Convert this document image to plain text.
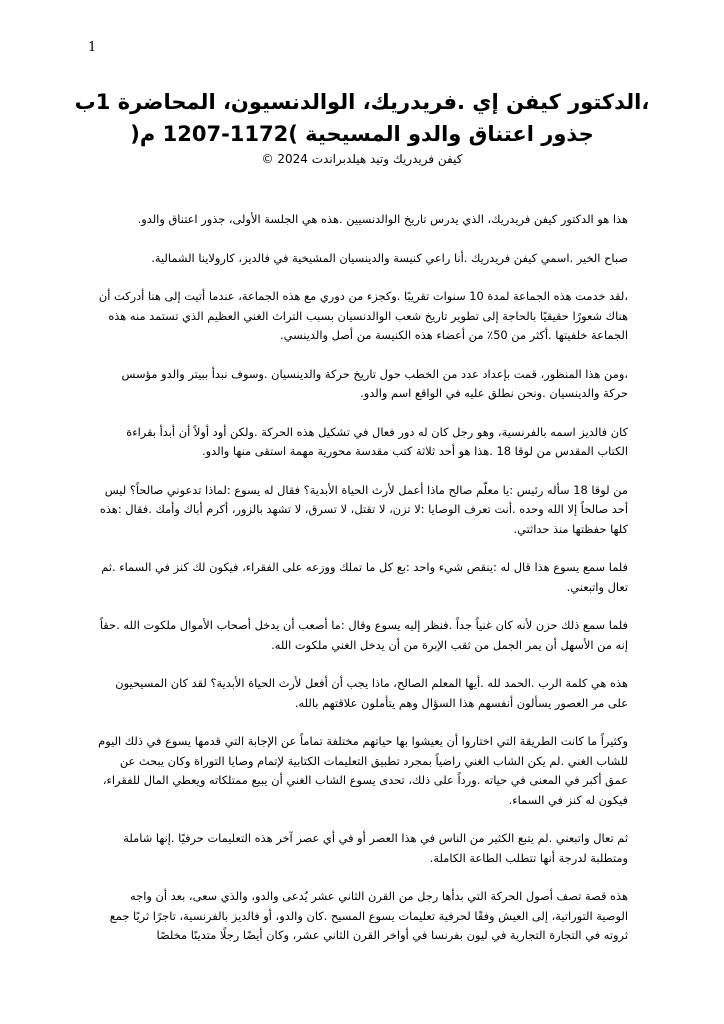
1

،الدكتور كيفن إي .فريدريك، الوالدنسيون، المحاضرة 1ب

جذور اعتناق والدو المسيحية )1172-1207 م(

كيفن فريدريك وتيد هيلدبراندت 2024 ©

هذا هو الدكتور كيفن فريدريك، الذي يدرس تاريخ الوالدنسيين .هذه هي الجلسة الأولى، جذور اعتناق والدو.

صباح الخير .اسمي كيفن فريدريك .أنا راعي كنيسة والدينسيان المشيخية في فالديز، كارولاينا الشمالية.

،لقد خدمت هذه الجماعة لمدة 10 سنوات تقريبًا .وكجزء من دوري مع هذه الجماعة، عندما أتيت إلى هنا أدركت أن هناك شعورًا حقيقيًا بالحاجة إلى تطوير تاريخ شعب الوالدنسيان بسبب التراث الغني العظيم الذي تستمد منه هذه الجماعة خلفيتها .أكثر من 50٪ من أعضاء هذه الكنيسة من أصل والدينسي.

،ومن هذا المنظور، قمت بإعداد عدد من الخطب حول تاريخ حركة والدينسيان .وسوف نبدأ ببيتر والدو مؤسس حركة والدينسيان .ونحن نطلق عليه في الواقع اسم والدو.

كان فالديز اسمه بالفرنسية، وهو رجل كان له دور فعال في تشكيل هذه الحركة .ولكن أود أولاً أن أبدأ بقراءة الكتاب المقدس من لوقا 18 .هذا هو أحد ثلاثة كتب مقدسة محورية مهمة استقى منها والدو.

من لوقا 18 سأله رئيس :يا معلّم صالح ماذا أعمل لأرث الحياة الأبدية؟ فقال له يسوع :لماذا تدعوني صالحاً؟ ليس أحد صالحاً إلا الله وحده .أنت تعرف الوصايا :لا تزن، لا تقتل، لا تسرق، لا تشهد بالزور، أكرم أباك وأمك .فقال :هذه كلها حفظتها منذ حداثتي.

فلما سمع يسوع هذا قال له :ينقص شيء واحد :بع كل ما تملك ووزعه على الفقراء، فيكون لك كنز في السماء .ثم تعال واتبعني.

فلما سمع ذلك حزن لأنه كان غنياً جداً .فنظر إليه يسوع وقال :ما أصعب أن يدخل أصحاب الأموال ملكوت الله .حقاً إنه من الأسهل أن يمر الجمل من ثقب الإبرة من أن يدخل الغني ملكوت الله.

هذه هي كلمة الرب .الحمد لله .أيها المعلم الصالح، ماذا يجب أن أفعل لأرث الحياة الأبدية؟ لقد كان المسيحيون على مر العصور يسألون أنفسهم هذا السؤال وهم يتأملون علاقتهم بالله.

وكثيراً ما كانت الطريقة التي اختاروا أن يعيشوا بها حياتهم مختلفة تماماً عن الإجابة التي قدمها يسوع في ذلك اليوم للشاب الغني .لم يكن الشاب الغني راضياً بمجرد تطبيق التعليمات الكتابية لإتمام وصايا التوراة وكان يبحث عن عمق أكبر في المعنى في حياته .ورداً على ذلك، تحدى يسوع الشاب الغني أن يبيع ممتلكاته ويعطي المال للفقراء، فيكون له كنز في السماء.

ثم تعال واتبعني .لم يتبع الكثير من الناس في هذا العصر أو في أي عصر آخر هذه التعليمات حرفيًا .إنها شاملة ومتطلبة لدرجة أنها تتطلب الطاعة الكاملة.

هذه قصة تصف أصول الحركة التي بدأها رجل من القرن الثاني عشر يُدعى والدو، والذي سعى، بعد أن واجه الوصية التوراتية، إلى العيش وفقًا لحرفية تعليمات يسوع المسيح .كان والدو، أو فالديز بالفرنسية، تاجرًا ثريًا جمع ثروته في التجارة التجارية في ليون بفرنسا في أواخر القرن الثاني عشر، وكان أيضًا رجلًا متدينًا مخلصًا
